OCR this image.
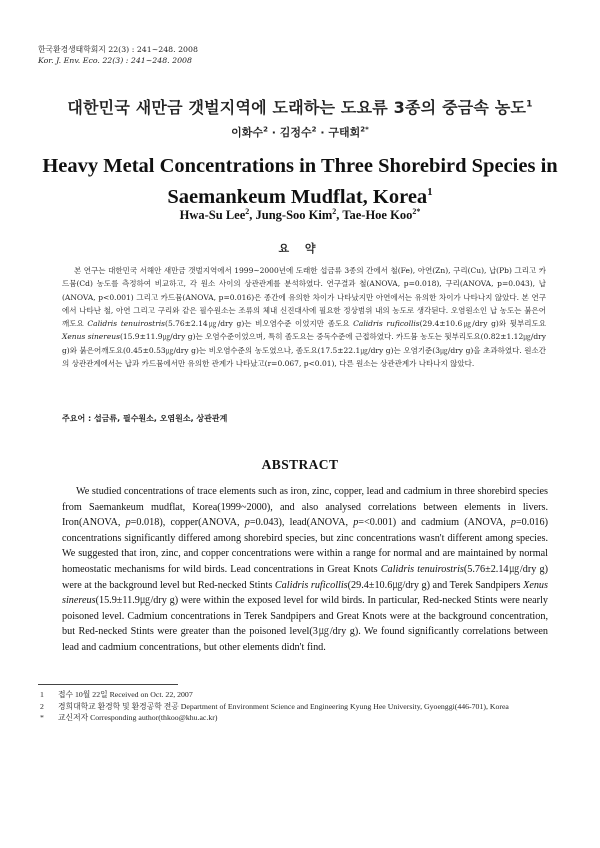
한국환경생태학회지 22(3) : 241~248. 2008
Kor. J. Env. Eco. 22(3) : 241~248. 2008
대한민국 새만금 갯벌지역에 도래하는 도요류 3종의 중금속 농도$^1$
이화수$^2$ · 김정수$^2$ · 구태회$^{2*}$
Heavy Metal Concentrations in Three Shorebird Species in
Saemankeum Mudflat, Korea$^1$
Hwa-Su Lee$^2$, Jung-Soo Kim$^2$, Tae-Hoe Koo$^{2*}$
요 약

본 연구는 대한민국 서해안 새만금 갯벌지역에서 1999~2000년에 도래한 섭금류 3종의 간에서 철(Fe), 아연(Zn), 구리(Cu), 납(Pb) 그리고 카드뮴(Cd) 농도를 측정하여 비교하고, 각 원소 사이의 상관관계를 분석하였다. 연구결과 철(ANOVA, p=0.018), 구리(ANOVA, p=0.043), 납(ANOVA, p<0.001) 그리고 카드뮴(ANOVA, p=0.016)은 종간에 유의한 차이가 나타났지만 아연에서는 유의한 차이가 나타나지 않았다. 본 연구에서 나타난 철, 아연 그리고 구리와 같은 필수원소는 조류의 체내 신진대사에 필요한 정상범위 내의 농도로 생각된다. 오염원소인 납 농도는 붉은어깨도요 Calidris tenuirostris(5.76±2.14㎍/dry g)는 비오염수준 이었지만 좀도요 Calidris ruficollis(29.4±10.6㎍/dry g)와 뒷부리도요 Xenus sinereus(15.9±11.9㎍/dry g)는 오염수준이었으며, 특히 좀도요는 중독수준에 근접하였다. 카드뮴 농도는 뒷부리도요(0.82±1.12㎍/dry g)와 붉은어깨도요(0.45±0.53㎍/dry g)는 비오염수준의 농도였으나, 좀도요(17.5±22.1㎍/dry g)는 오염기준(3㎍/dry g)을 초과하였다. 원소간의 상관관계에서는 납과 카드뮴에서만 유의한 관계가 나타났고(r=0.067, p<0.01), 다른 원소는 상관관계가 나타나지 않았다.

주요어 : 섭금류, 필수원소, 오염원소, 상관관계
ABSTRACT

We studied concentrations of trace elements such as iron, zinc, copper, lead and cadmium in three shorebird species from Saemankeum mudflat, Korea(1999~2000), and also analysed correlations between elements in livers. Iron(ANOVA, p=0.018), copper(ANOVA, p=0.043), lead(ANOVA, p=<0.001) and cadmium (ANOVA, p=0.016) concentrations significantly differed among shorebird species, but zinc concentrations wasn't different among species. We suggested that iron, zinc, and copper concentrations were within a range for normal and are maintained by normal homeostatic mechanisms for wild birds. Lead concentrations in Great Knots Calidris tenuirostris(5.76±2.14㎍/dry g) were at the background level but Red-necked Stints Calidris ruficollis(29.4±10.6㎍/dry g) and Terek Sandpipers Xenus sinereus(15.9±11.9㎍/dry g) were within the exposed level for wild birds. In particular, Red-necked Stints were nearly poisoned level. Cadmium concentrations in Terek Sandpipers and Great Knots were at the background concentration, but Red-necked Stints were greater than the poisoned level(3㎍/dry g). We found significantly correlations between lead and cadmium concentrations, but other elements didn't find.

1	접수 10월 22일 Received on Oct. 22, 2007
2	경희대학교 환경학 및 환경공학 전공 Department of Environment Science and Engineering Kyung Hee University, Gyoenggi(446-701), Korea
*	교신저자 Corresponding author(thkoo@khu.ac.kr)
